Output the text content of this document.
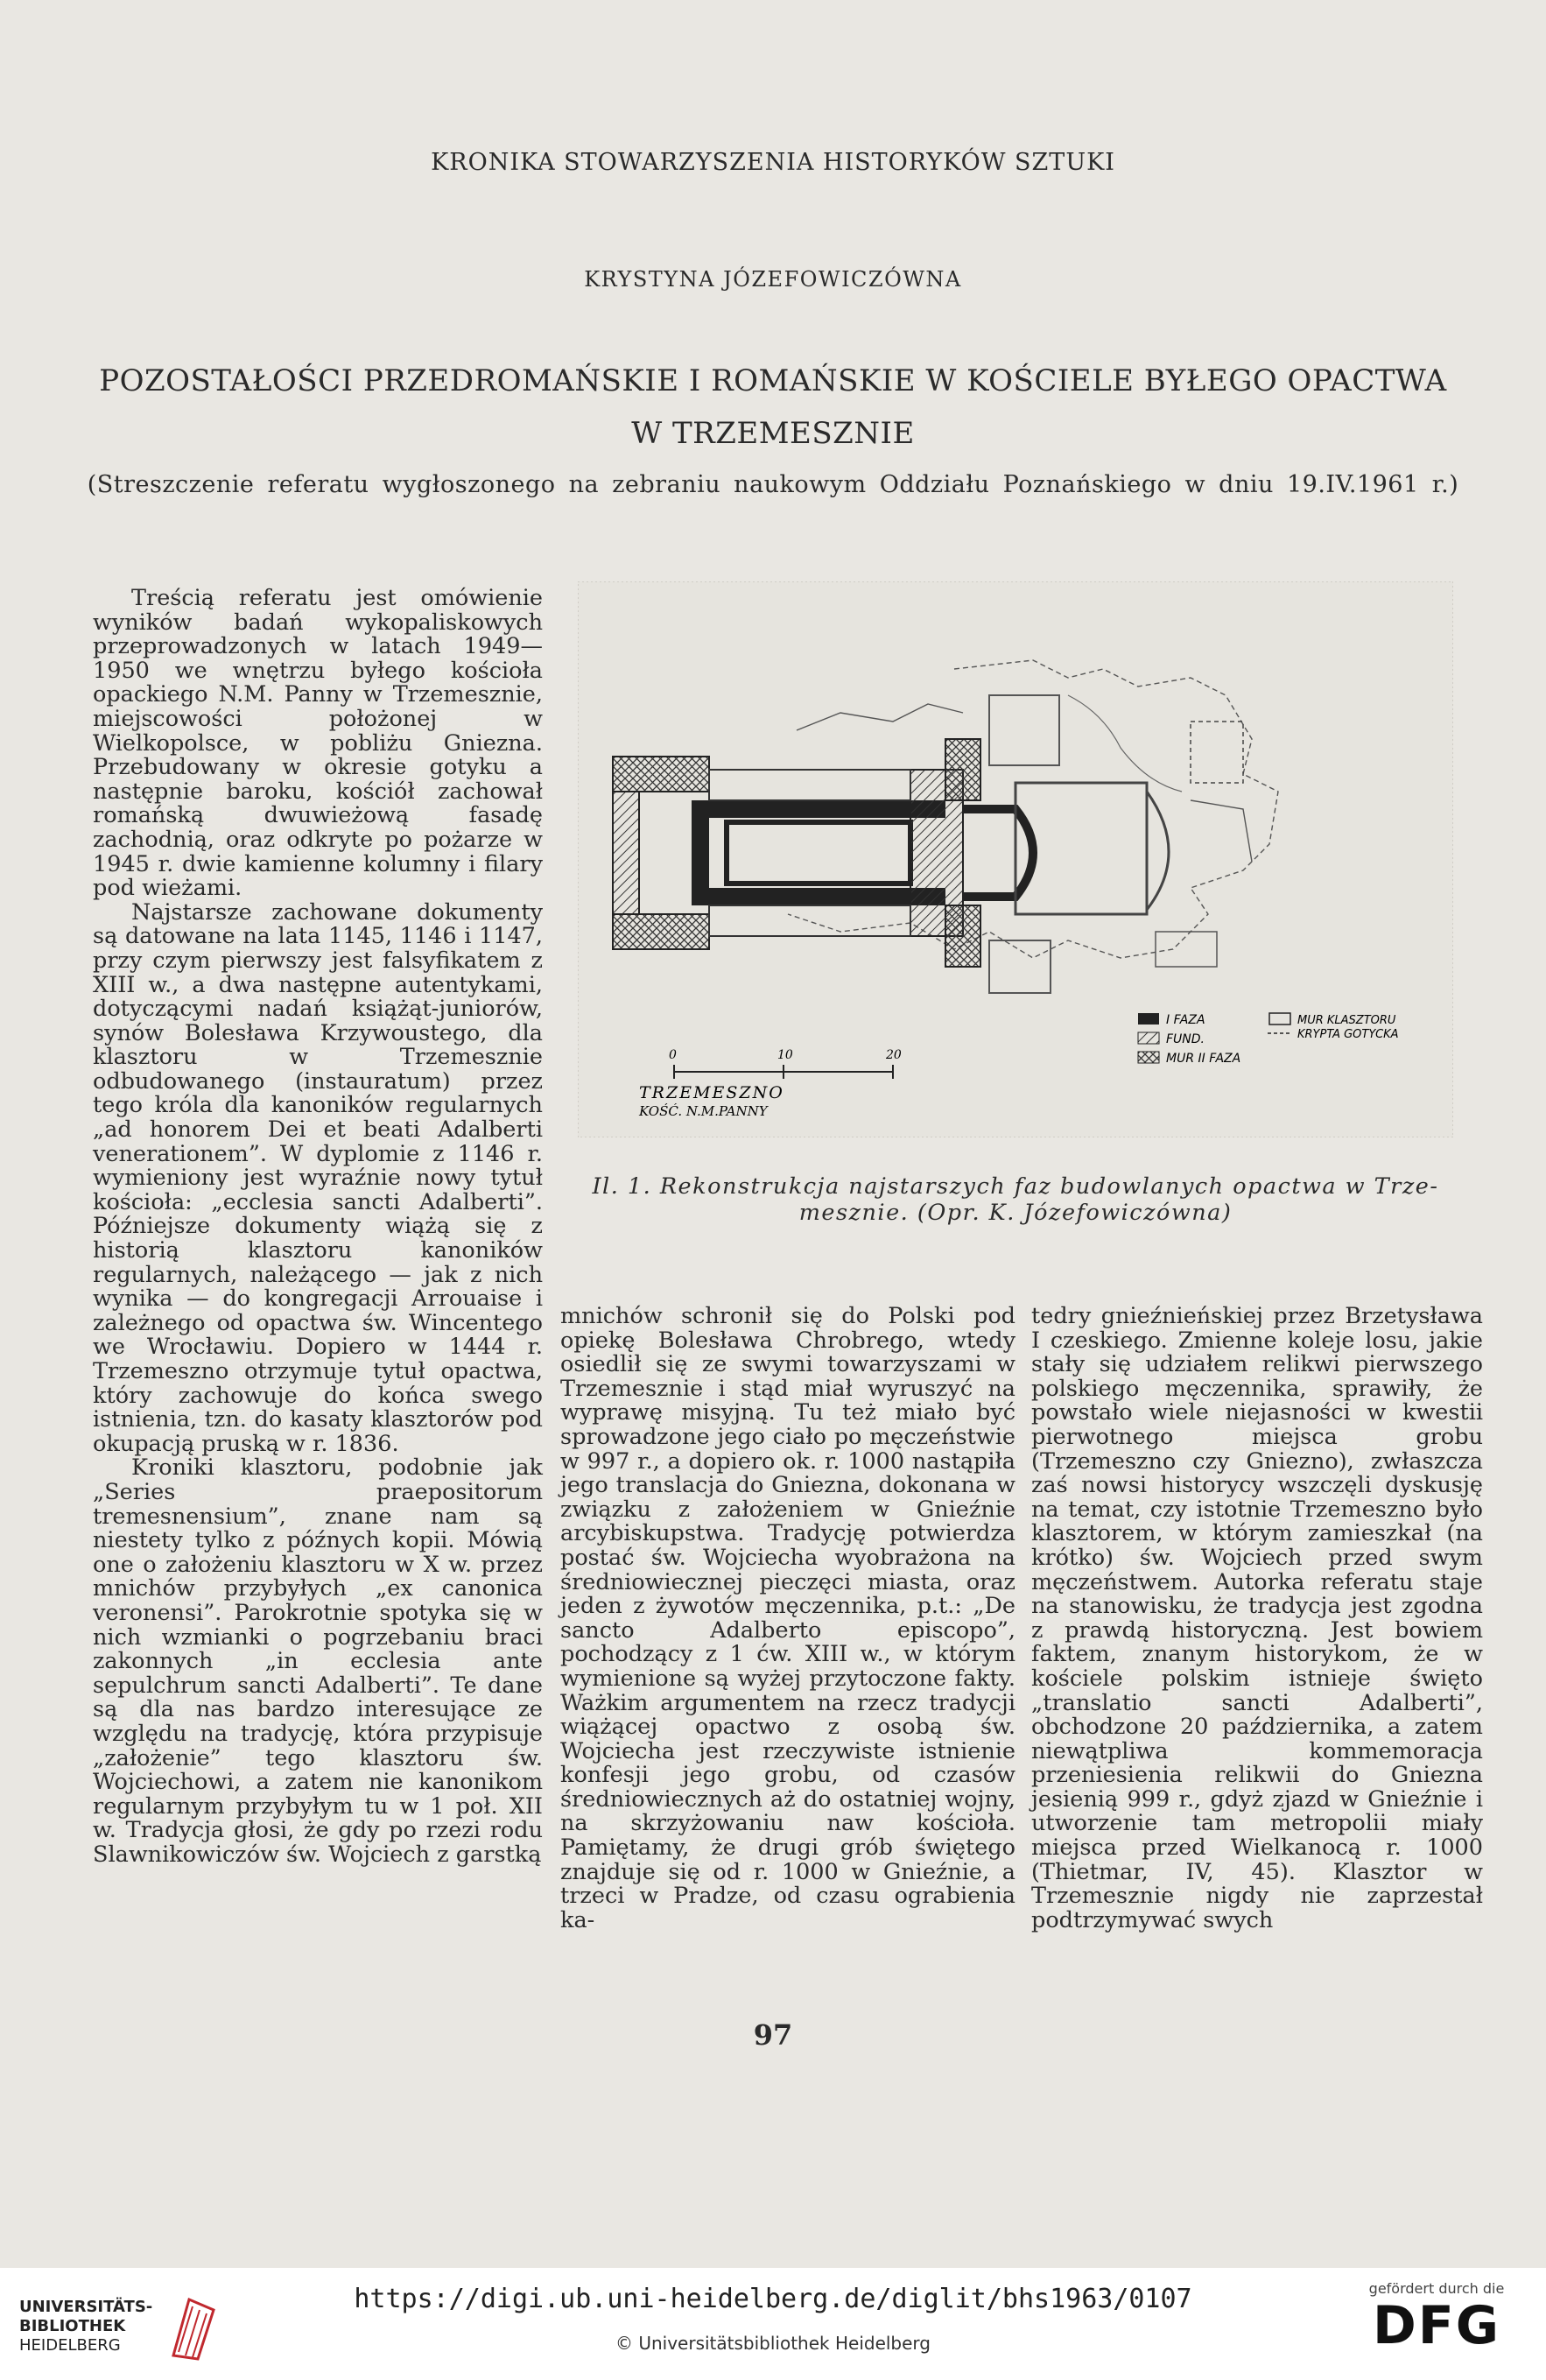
KRONIKA STOWARZYSZENIA HISTORYKÓW SZTUKI
KRYSTYNA JÓZEFOWICZÓWNA
POZOSTAŁOŚCI PRZEDROMAŃSKIE I ROMAŃSKIE W KOŚCIELE BYŁEGO OPACTWA
W TRZEMESZNIE
(Streszczenie referatu wygłoszonego na zebraniu naukowym Oddziału Poznańskiego w dniu 19.IV.1961 r.)

Treścią referatu jest omówienie wyników badań wykopaliskowych przeprowadzonych w latach 1949—1950 we wnętrzu byłego kościoła opackiego N.M. Panny w Trzemesznie, miejscowości położonej w Wielkopolsce, w pobliżu Gniezna. Przebudowany w okresie gotyku a następnie baroku, kościół zachował romańską dwuwieżową fasadę zachodnią, oraz odkryte po pożarze w 1945 r. dwie kamienne kolumny i filary pod wieżami.

Najstarsze zachowane dokumenty są datowane na lata 1145, 1146 i 1147, przy czym pierwszy jest falsyfikatem z XIII w., a dwa następne autentykami, dotyczącymi nadań książąt-juniorów, synów Bolesława Krzywoustego, dla klasztoru w Trzemesznie odbudowanego (instauratum) przez tego króla dla kanoników regularnych „ad honorem Dei et beati Adalberti venerationem”. W dyplomie z 1146 r. wymieniony jest wyraźnie nowy tytuł kościoła: „ecclesia sancti Adalberti”. Późniejsze dokumenty wiążą się z historią klasztoru kanoników regularnych, należącego — jak z nich wynika — do kongregacji Arrouaise i zależnego od opactwa św. Wincentego we Wrocławiu. Dopiero w 1444 r. Trzemeszno otrzymuje tytuł opactwa, który zachowuje do końca swego istnienia, tzn. do kasaty klasztorów pod okupacją pruską w r. 1836.

Kroniki klasztoru, podobnie jak „Series praepositorum tremesnensium”, znane nam są niestety tylko z późnych kopii. Mówią one o założeniu klasztoru w X w. przez mnichów przybyłych „ex canonica veronensi”. Parokrotnie spotyka się w nich wzmianki o pogrzebaniu braci zakonnych „in ecclesia ante sepulchrum sancti Adalberti”. Te dane są dla nas bardzo interesujące ze względu na tradycję, która przypisuje „założenie” tego klasztoru św. Wojciechowi, a zatem nie kanonikom regularnym przybyłym tu w 1 poł. XII w. Tradycja głosi, że gdy po rzezi rodu Slawnikowiczów św. Wojciech z garstką

0	10	20
TRZEMESZNO
KOŚĆ. N.M.PANNY
I FAZA
FUND.
MUR II FAZA
MUR KLASZTORU
KRYPTA GOTYCKA
Il. 1. Rekonstrukcja najstarszych faz budowlanych opactwa w Trze-
mesznie. (Opr. K. Józefowiczówna)

mnichów schronił się do Polski pod opiekę Bolesława Chrobrego, wtedy osiedlił się ze swymi towarzyszami w Trzemesznie i stąd miał wyruszyć na wyprawę misyjną. Tu też miało być sprowadzone jego ciało po męczeństwie w 997 r., a dopiero ok. r. 1000 nastąpiła jego translacja do Gniezna, dokonana w związku z założeniem w Gnieźnie arcybiskupstwa. Tradycję potwierdza postać św. Wojciecha wyobrażona na średniowiecznej pieczęci miasta, oraz jeden z żywotów męczennika, p.t.: „De sancto Adalberto episcopo”, pochodzący z 1 ćw. XIII w., w którym wymienione są wyżej przytoczone fakty. Ważkim argumentem na rzecz tradycji wiążącej opactwo z osobą św. Wojciecha jest rzeczywiste istnienie konfesji jego grobu, od czasów średniowiecznych aż do ostatniej wojny, na skrzyżowaniu naw kościoła. Pamiętamy, że drugi grób świętego znajduje się od r. 1000 w Gnieźnie, a trzeci w Pradze, od czasu ograbienia ka-

tedry gnieźnieńskiej przez Brzetysława I czeskiego. Zmienne koleje losu, jakie stały się udziałem relikwi pierwszego polskiego męczennika, sprawiły, że powstało wiele niejasności w kwestii pierwotnego miejsca grobu (Trzemeszno czy Gniezno), zwłaszcza zaś nowsi historycy wszczęli dyskusję na temat, czy istotnie Trzemeszno było klasztorem, w którym zamieszkał (na krótko) św. Wojciech przed swym męczeństwem. Autorka referatu staje na stanowisku, że tradycja jest zgodna z prawdą historyczną. Jest bowiem faktem, znanym historykom, że w kościele polskim istnieje święto „translatio sancti Adalberti”, obchodzone 20 października, a zatem niewątpliwa kommemoracja przeniesienia relikwii do Gniezna jesienią 999 r., gdyż zjazd w Gnieźnie i utworzenie tam metropolii miały miejsca przed Wielkanocą r. 1000 (Thietmar, IV, 45). Klasztor w Trzemesznie nigdy nie zaprzestał podtrzymywać swych

97
UNIVERSITÄTS-
BIBLIOTHEK
HEIDELBERG
https://digi.ub.uni-heidelberg.de/diglit/bhs1963/0107
© Universitätsbibliothek Heidelberg
gefördert durch die
DFG
